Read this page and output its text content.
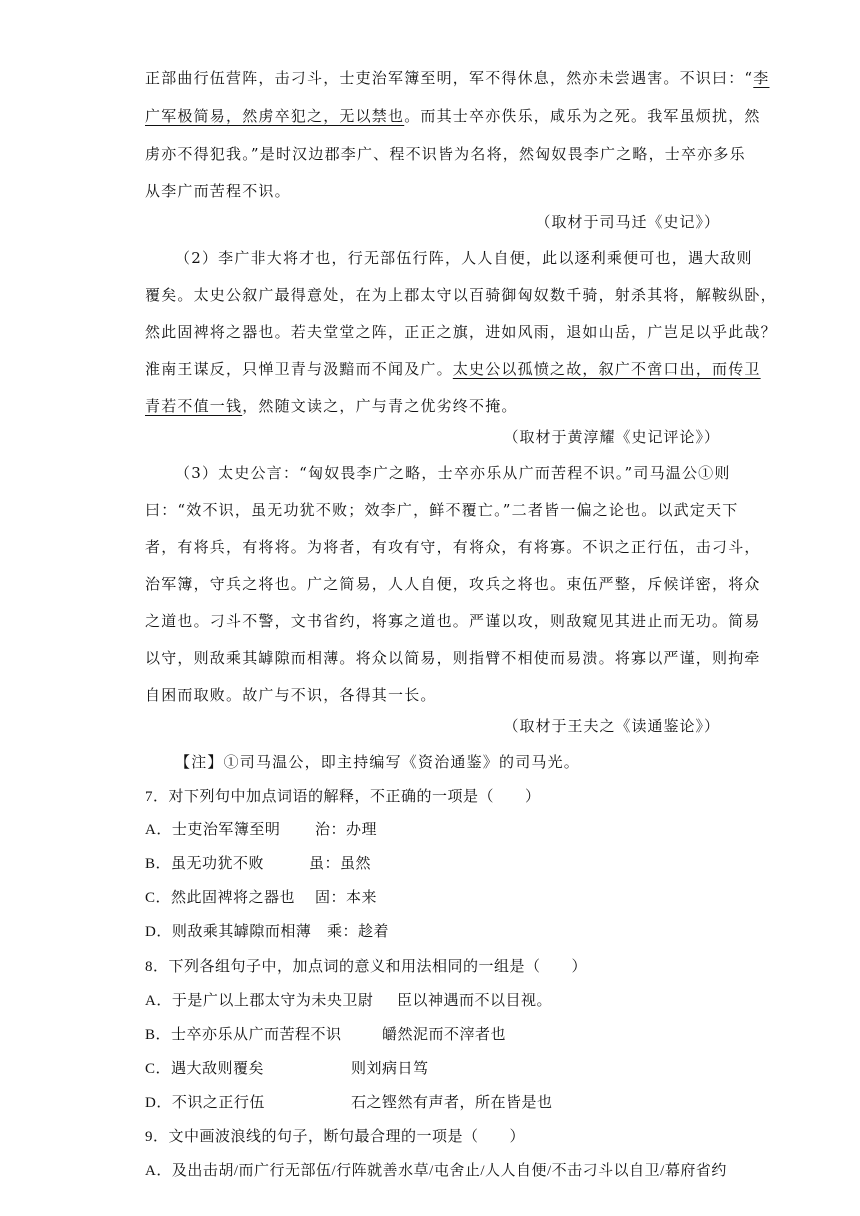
正部曲行伍营阵，击刁斗，士吏治军簿至明，军不得休息，然亦未尝遇害。不识曰：“李
广军极简易，然虏卒犯之，无以禁也。而其士卒亦佚乐，咸乐为之死。我军虽烦扰，然
虏亦不得犯我。”是时汉边郡李广、程不识皆为名将，然匈奴畏李广之略，士卒亦多乐
从李广而苦程不识。
（取材于司马迁《史记》）
（2）李广非大将才也，行无部伍行阵，人人自便，此以逐利乘便可也，遇大敌则
覆矣。太史公叙广最得意处，在为上郡太守以百骑御匈奴数千骑，射杀其将，解鞍纵卧，
然此固裨将之器也。若夫堂堂之阵，正正之旗，进如风雨，退如山岳，广岂足以乎此哉？
淮南王谋反，只惮卫青与汲黯而不闻及广。太史公以孤愤之故，叙广不啻口出，而传卫
青若不值一钱，然随文读之，广与青之优劣终不掩。
（取材于黄淳耀《史记评论》）
（3）太史公言：“匈奴畏李广之略，士卒亦乐从广而苦程不识。”司马温公①则
曰：“效不识，虽无功犹不败；效李广，鲜不覆亡。”二者皆一偏之论也。以武定天下
者，有将兵，有将将。为将者，有攻有守，有将众，有将寡。不识之正行伍，击刁斗，
治军簿，守兵之将也。广之简易，人人自便，攻兵之将也。束伍严整，斥候详密，将众
之道也。刁斗不警，文书省约，将寡之道也。严谨以攻，则敌窥见其进止而无功。简易
以守，则敌乘其罅隙而相薄。将众以简易，则指臂不相使而易溃。将寡以严谨，则拘牵
自困而取败。故广与不识，各得其一长。
（取材于王夫之《读通鉴论》）
【注】①司马温公，即主持编写《资治通鉴》的司马光。
7．对下列句中加点词语的解释，不正确的一项是（　　）
A．士吏治军簿至明 治：办理
B．虽无功犹不败	虽：虽然
C．然此固裨将之器也 固：本来
D．则敌乘其罅隙而相薄 乘：趁着
8．下列各组句子中，加点词的意义和用法相同的一组是（　　）
A．于是广以上郡太守为未央卫尉 臣以神遇而不以目视。
B．士卒亦乐从广而苦程不识	皭然泥而不滓者也
C．遇大敌则覆矣	则刘病日笃
D．不识之正行伍	石之铿然有声者，所在皆是也
9．文中画波浪线的句子，断句最合理的一项是（　　）
A．及出击胡/而广行无部伍/行阵就善水草/屯舍止/人人自便/不击刁斗以自卫/幕府省约
